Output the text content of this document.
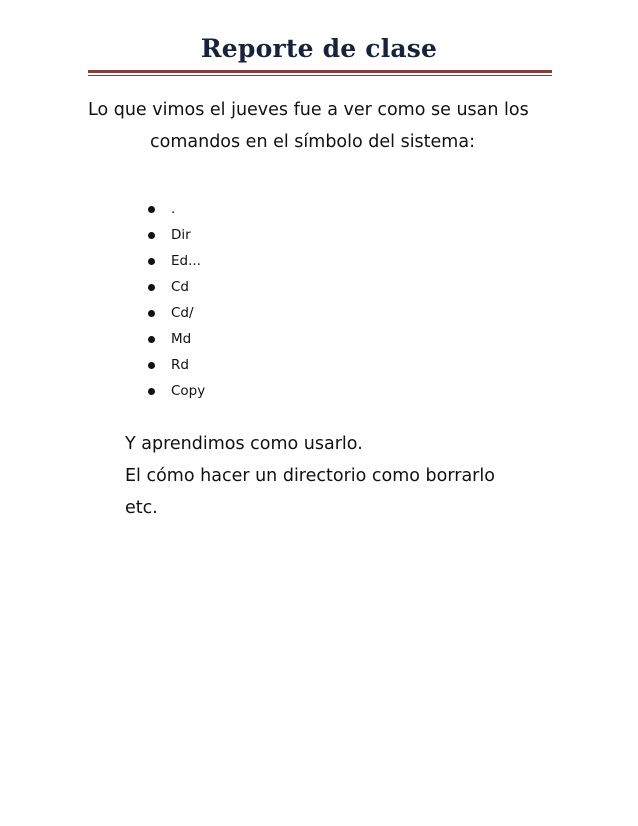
Reporte de clase
Lo que vimos el jueves fue a ver como se usan los
comandos en el símbolo del sistema:
.
Dir
Ed...
Cd
Cd/
Md
Rd
Copy
Y aprendimos como usarlo.
El cómo hacer un directorio como borrarlo
etc.
